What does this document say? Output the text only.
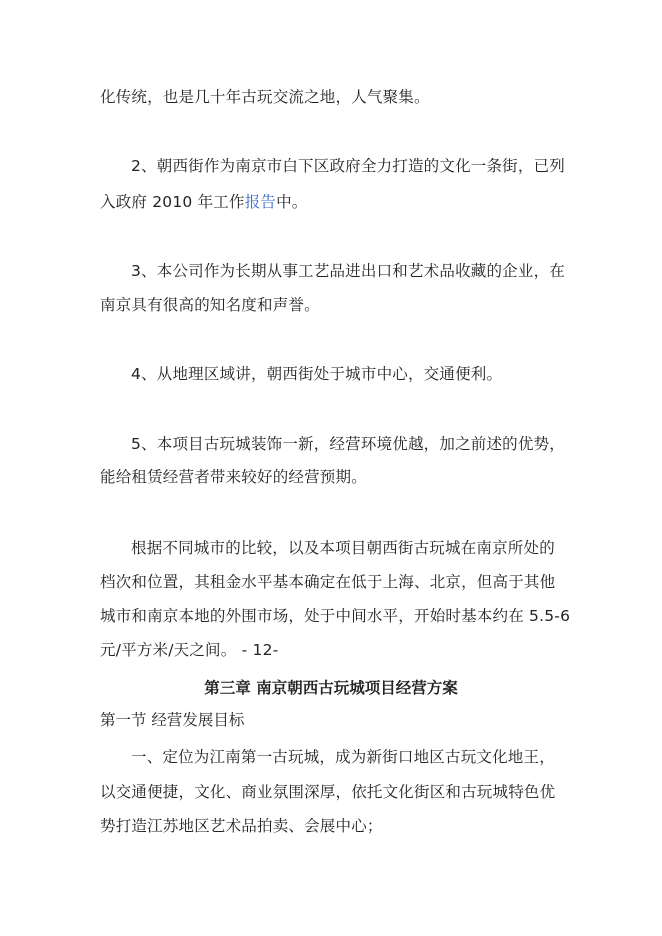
化传统，也是几十年古玩交流之地，人气聚集。
2、朝西街作为南京市白下区政府全力打造的文化一条街，已列
入政府 2010 年工作报告中。
3、本公司作为长期从事工艺品进出口和艺术品收藏的企业，在
南京具有很高的知名度和声誉。
4、从地理区域讲，朝西街处于城市中心，交通便利。
5、本项目古玩城装饰一新，经营环境优越，加之前述的优势，
能给租赁经营者带来较好的经营预期。
根据不同城市的比较，以及本项目朝西街古玩城在南京所处的
档次和位置，其租金水平基本确定在低于上海、北京，但高于其他
城市和南京本地的外围市场，处于中间水平，开始时基本约在 5.5-6
元/平方米/天之间。 - 12-
第三章 南京朝西古玩城项目经营方案
第一节 经营发展目标
一、定位为江南第一古玩城，成为新街口地区古玩文化地王，
以交通便捷，文化、商业氛围深厚，依托文化街区和古玩城特色优
势打造江苏地区艺术品拍卖、会展中心；
